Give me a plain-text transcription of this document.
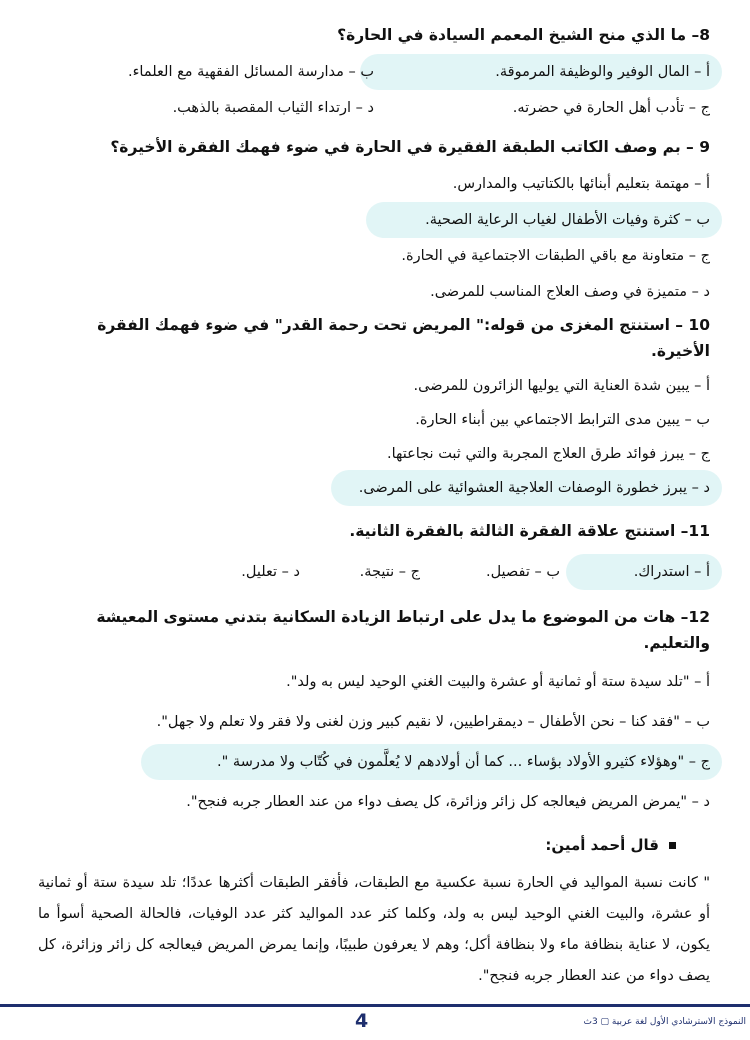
8– ما الذي منح الشيخ المعمم السيادة في الحارة؟
أ – المال الوفير والوظيفة المرموقة.
ب – مدارسة المسائل الفقهية مع العلماء.
ج – تأدب أهل الحارة في حضرته.
د – ارتداء الثياب المقصبة بالذهب.
9 – بم وصف الكاتب الطبقة الفقيرة في الحارة في ضوء فهمك الفقرة الأخيرة؟
أ – مهتمة بتعليم أبنائها بالكتاتيب والمدارس.
ب – كثرة وفيات الأطفال لغياب الرعاية الصحية.
ج – متعاونة مع باقي الطبقات الاجتماعية في الحارة.
د – متميزة في وصف العلاج المناسب للمرضى.
10 – استنتج المغزى من قوله:" المريض تحت رحمة القدر" في ضوء فهمك الفقرة الأخيرة.
أ – يبين شدة العناية التي يوليها الزائرون للمرضى.
ب – يبين مدى الترابط الاجتماعي بين أبناء الحارة.
ج – يبرز فوائد طرق العلاج المجربة والتي ثبت نجاعتها.
د – يبرز خطورة الوصفات العلاجية العشوائية على المرضى.
11– استنتج علاقة الفقرة الثالثة بالفقرة الثانية.
أ – استدراك.
ب – تفصيل.
ج – نتيجة.
د – تعليل.
12– هات من الموضوع ما يدل على ارتباط الزيادة السكانية بتدني مستوى المعيشة والتعليم.
أ – "تلد سيدة ستة أو ثمانية أو عشرة والبيت الغني الوحيد ليس به ولد".
ب – "فقد كنا – نحن الأطفال – ديمقراطيين، لا نقيم كبير وزن لغنى ولا فقر ولا تعلم ولا جهل".
ج – "وهؤلاء كثيرو الأولاد بؤساء ... كما أن أولادهم لا يُعلَّمون في كُتّاب ولا مدرسة ".
د – "يمرض المريض فيعالجه كل زائر وزائرة، كل يصف دواء من عند العطار جربه فنجح".
قال أحمد أمين:
" كانت نسبة المواليد في الحارة نسبة عكسية مع الطبقات، فأفقر الطبقات أكثرها عددًا؛ تلد سيدة ستة أو ثمانية أو عشرة، والبيت الغني الوحيد ليس به ولد، وكلما كثر عدد المواليد كثر عدد الوفيات، فالحالة الصحية أسوأ ما يكون، لا عناية بنظافة ماء ولا بنظافة أكل؛ وهم لا يعرفون طبيبًا، وإنما يمرض المريض فيعالجه كل زائر وزائرة، كل يصف دواء من عند العطار جربه فنجح".
4	النموذج الاسترشادي الأول لغة عربية ▢ 3ث
